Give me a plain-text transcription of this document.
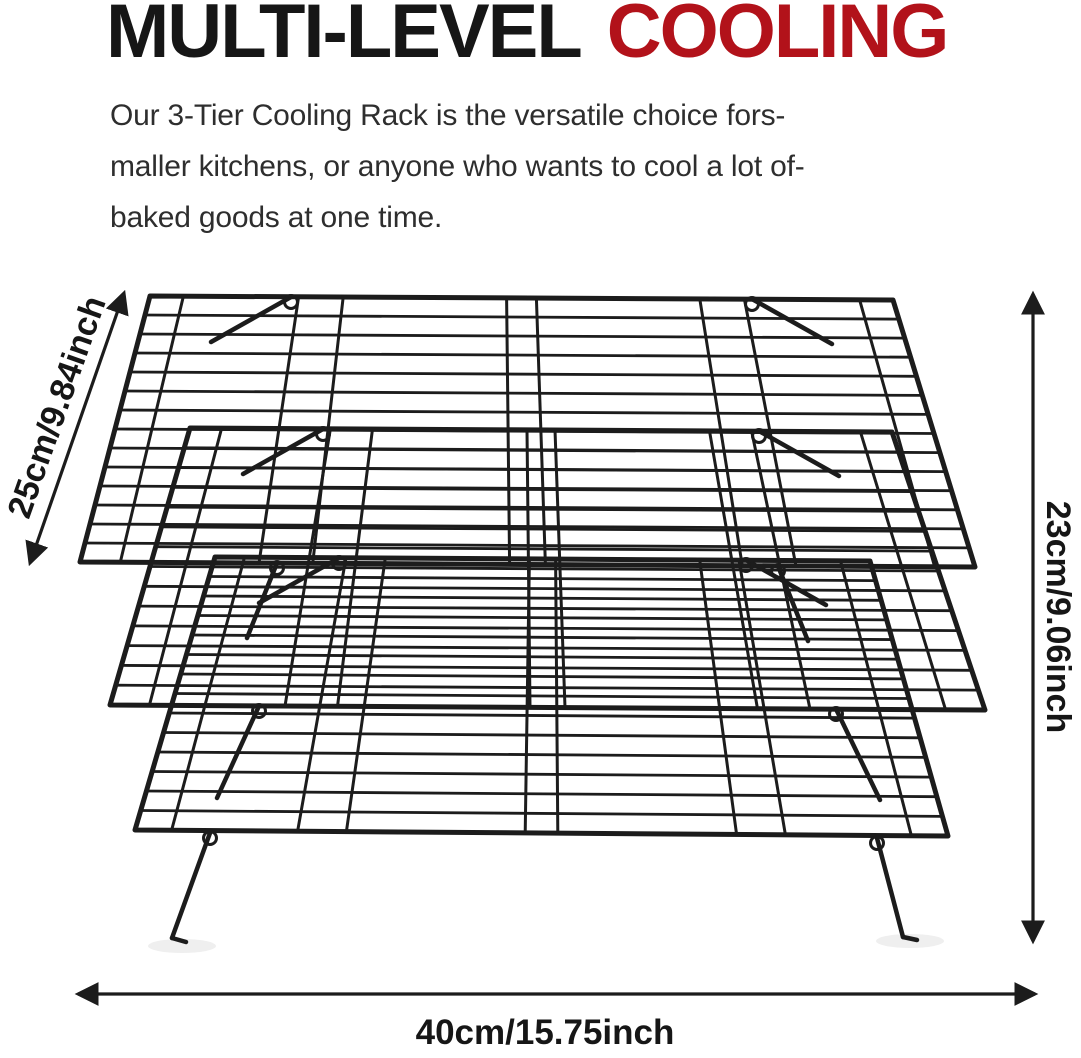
MULTI-LEVEL COOLING
Our 3-Tier Cooling Rack is the versatile choice fors-
maller kitchens, or anyone who wants to cool a lot of-
baked goods at one time.
25cm/9.84inch
23cm/9.06inch
40cm/15.75inch
